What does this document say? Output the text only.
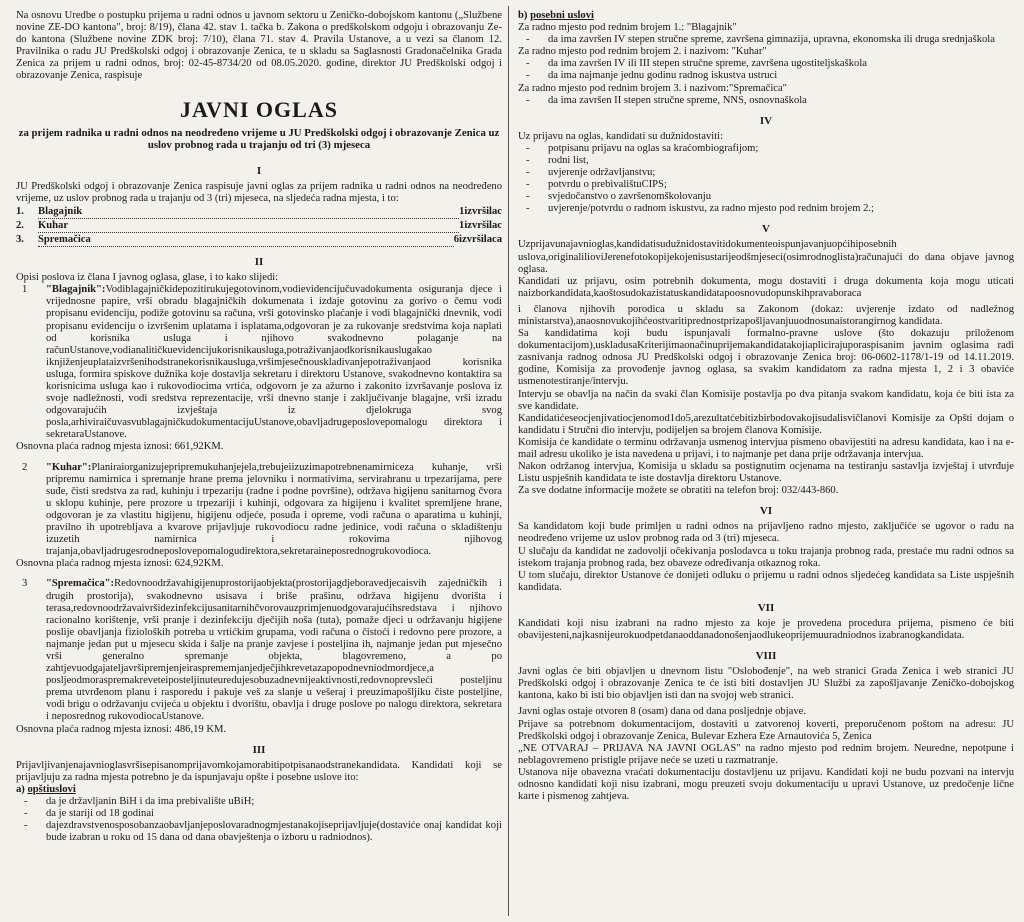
Na osnovu Uredbe o postupku prijema u radni odnos u javnom sektoru u Zeničko-dobojskom kantonu („Službene novine ZE-DO kantona", broj: 8/19), člana 42. stav 1. tačka b. Zakona o predškolskom odgoju i obrazovanju Ze-do kantona (Službene novine ZDK broj: 7/10), člana 71. stav 4. Pravila Ustanove, a u vezi sa članom 12. Pravilnika o radu JU Predškolski odgoj i obrazovanje Zenica, te u skladu sa Saglasnosti Gradonačelnika Grada Zenica za prijem u radni odnos, broj: 02-45-8734/20 od 08.05.2020. godine, direktor JU Predškolski odgoj i obrazovanje Zenica, raspisuje

JAVNI OGLAS
za prijem radnika u radni odnos na neodređeno vrijeme u JU Predškolski odgoj i obrazovanje Zenica uz uslov probnog rada u trajanju od tri (3) mjeseca
I

JU Predškolski odgoj i obrazovanje Zenica raspisuje javni oglas za prijem radnika u radni odnos na neodređeno vrijeme, uz uslov probnog rada u trajanju od 3 (tri) mjeseca, na sljedeća radna mjesta, i to:

1.	Blagajnik	1izvršilac
2.	Kuhar	1izvršilac
3.	Spremačica	6izvršilaca
II

Opisi poslova iz člana I javnog oglasa, glase, i to kako slijedi:

1	"Blagajnik":Vodiblagajničkidepozitirukujegotovinom,vodievidencijučuvadokumenta osiguranja djece i vrijednosne papire, vrši obradu blagajničkih dokumenata i izdaje gotovinu za gorivo o čemu vodi propisanu evidenciju, podiže gotovinu sa računa, vrši gotovinsko plaćanje i vodi blagajnički dnevnik, vodi propisanu evidenciju o izvršenim uplatama i isplatama,odgovoran je za rukovanje sredstvima koja naplati od korisnika usluga i njihovo svakodnevno polaganje na računUstanove,vodianalitičkuevidencijukorisnikausluga,potraživanjaodkorisnikauslugakao iknjiženjeuplataizvršenihodstranekorisnikausluga,vršimjesečnouskladivanjepotraživanjaod korisnika usluga, formira spiskove dužnika koje dostavlja sekretaru i direktoru Ustanove, svakodnevno kontaktira sa korisnicima usluga kao i rukovodiocima vrtića, odgovorn je za ažurno i zakonito izvršavanje poslova iz svoje nadležnosti, vodi sredstva reprezentacije, vrši dnevno stanje i zaključivanje blagajne, vrši izradu odgovarajućih izvještaja iz djelokruga svog posla,arhiviraičuvasvublagajničkudokumentacijuUstanove,obavljadrugeposlovepomalogu direktora i sekretaraUstanove.

Osnovna plaća radnog mjesta iznosi: 661,92KM.

2	"Kuhar":Planiraiorganizujepripremukuhanjejela,trebujeiizuzimapotrebnenamirniceza kuhanje, vrši pripremu namirnica i spremanje hrane prema jelovniku i normativima, servirahranu u trpezarijama, pere suđe, čisti sredstva za rad, kuhinju i trpezariju (radne i podne površine), održava higijenu sanitarnog čvora u sklopu kuhinje, pere prozore u trpezariji i kuhinji, odgovara za higijenu i kvalitet spremljene hrane, odgovoran je za vlastitu higijenu, higijenu odjeće, posuđa i opreme, vodi računa o aparatima u kuhinji, pravilno ih upotrebljava a kvarove prijavljuje rukovodiocu radne jedinice, vodi računa o skladištenju izuzetih namirnica i rokovima njihovog trajanja,obavljadrugesrodneposlovepomalogudirektora,sekretaraineposrednogrukovodioca.

Osnovna plaća radnog mjesta iznosi: 624,92KM.

3	"Spremačica":Redovnoodržavahigijenuprostorijaobjekta(prostorijagdjeboravedjecaisvih zajedničkih i drugih prostorija), svakodnevno usisava i briše prašinu, održava higijenu dvorišta i terasa,redovnoodržavaivršidezinfekcijusanitarnihčvorovauzprimjenuodgovarajućihsredstava i njihovo racionalno korištenje, vrši pranje i dezinfekciju dječijih noša (tuta), pomaže djeci u održavanju higijene poslije obavljanja fizioloških potreba u vrtićkim grupama, vodi računa o čistoći i redovno pere prozore, a najmanje jedan put u mjesecu skida i šalje na pranje zavjese i posteljina ih, najmanje jedan put mjesečno vrši generalno spremanje objekta, blagovremeno, a po zahtjevuodgajateljavršipremjenjeirasprememjanjedječjihkrevetazapopodnevniodmordjece,a posljeodmoraspremakreveteiposteljinuteuredujesobuzadnevnijeaktivnosti,redovnoprevsleći posteljinu prema utvrđenom planu i rasporedu i pakuje veš za slanje u vešeraj i preuzimapošljiku čiste posteljine, vodi brigu o održavanju cvijeća u objektu i dvorištu, obavlja i druge poslove po nalogu direktora, sekretara i neposrednog rukovodiocaUstanove.

Osnovna plaća radnog mjesta iznosi: 486,19 KM.

III

Prijavljivanjenajavnioglasvršisepisanomprijavomkojamorabitipotpisanaodstranekandidata. Kandidati koji se prijavljuju za radna mjesta potrebno je da ispunjavaju opšte i posebne uslove ito:

a) opštiuslovi

-	da je državljanin BiH i da ima prebivalište uBiH;
-	da je stariji od 18 godinai
-	dajezdravstvenosposobanzaobavljanjeposlovaradnogmjestanakojiseprijavljuje(dostaviće onaj kandidat koji bude izabran u roku od 15 dana od dana obavještenja o izboru u radniodnos).

b) posebni uslovi

Za radno mjesto pod rednim brojem 1.: "Blagajnik"

-	da ima završen IV stepen stručne spreme, završena gimnazija, upravna, ekonomska ili druga srednjaškola

Za radno mjesto pod rednim brojem 2. i nazivom: "Kuhar"

-	da ima završen IV ili III stepen stručne spreme, završena ugostiteljskaškola
-	da ima najmanje jednu godinu radnog iskustva ustruci

Za radno mjesto pod rednim brojem 3. i nazivom:"Spremačica"

-	da ima završen II stepen stručne spreme, NNS, osnovnaškola
IV

Uz prijavu na oglas, kandidati su dužnidostaviti:

-	potpisanu prijavu na oglas sa kraćombiografijom;
-	rodni list,
-	uvjerenje održavljanstvu;
-	potvrdu o prebivalištuCIPS;
-	svjedočanstvo o završenomškolovanju
-	uvjerenje/potvrdu o radnom iskustvu, za radno mjesto pod rednim brojem 2.;
V

Uzprijavunajavnioglas,kandidatisudužnidostavitidokumenteoispunjavanjuopćihiposebnih uslova,originalilioviJerenefotokopijekojenisustarijeodšmjeseci(osimrodnoglista)računajući do dana objave javnog oglasa.

Kandidati uz prijavu, osim potrebnih dokumenta, mogu dostaviti i druga dokumenta koja mogu uticati naizborkandidata,kaoštosudokazistatuskandidatapoosnovudopunskihpravaboraca

i članova njihovih porodica u skladu sa Zakonom (dokaz: uvjerenje izdato od nadležnog ministarstva),anaosnovukojihćeostvaritiprednostprizapošljavanjuuodnosunaistorangirnog kandidata.

Sa kandidatima koji budu ispunjavali formalno-pravne uslove (što dokazuju priloženom dokumentacijom),uskladusaKriterijimaonačinuprijemakandidatakojiaplicirajuporaspisanim javnim oglasima radi zasnivanja radnog odnosa JU Predškolski odgoj i obrazovanje Zenica broj: 06-0602-1178/1-19 od 14.11.2019. godine, Komisija za provođenje javnog oglasa, sa svakim kandidatom za radna mjesta 1, 2 i 3 obaviće usmenotestiranje/intervju.

Intervju se obavlja na način da svaki član Komisije postavlja po dva pitanja svakom kandidatu, koja će biti ista za sve kandidate.

Kandidatićeseocjenjivatiocjenomod1do5,arezultatćebitizbirbodovakojisudalisvičlanovi Komisije za Opšti dojam o kandidatu i Stručni dio intervju, podijeljen sa brojem članova Komisije.

Komisija će kandidate o terminu održavanja usmenog intervjua pismeno obavijestiti na adresu kandidata, kao i na e-mail adresu ukoliko je ista navedena u prijavi, i to najmanje pet dana prije održavanja intervjua.

Nakon održanog intervjua, Komisija u skladu sa postignutim ocjenama na testiranju sastavlja izvještaj i utvrđuje Listu uspješnih kandidata te iste dostavlja direktoru Ustanove.

Za sve dodatne informacije možete se obratiti na telefon broj: 032/443-860.

VI

Sa kandidatom koji bude primljen u radni odnos na prijavljeno radno mjesto, zaključiće se ugovor o radu na neodređeno vrijeme uz uslov probnog rada od 3 (tri) mjeseca.

U slučaju da kandidat ne zadovolji očekivanja poslodavca u toku trajanja probnog rada, prestaće mu radni odnos sa istekom trajanja probnog rada, bez obaveze određivanja otkaznog roka.

U tom slučaju, direktor Ustanove će donijeti odluku o prijemu u radni odnos sljedećeg kandidata sa Liste uspješnih kandidata.

VII

Kandidati koji nisu izabrani na radno mjesto za koje je provedena procedura prijema, pismeno će biti obavijesteni,najkasnijeurokuodpetdanaoddanadonošenjaodlukeoprijemuuradniodnos izabranogkandidata.

VIII

Javni oglas će biti objavljen u dnevnom listu "Oslobođenje", na web stranici Grada Zenica i web stranici JU Predškolski odgoj i obrazovanje Zenica te će isti biti dostavljen JU Službi za zapošljavanje Zeničko-dobojskog kantona, kako bi isti bio objavljen isti dan na svojoj web stranici.

Javni oglas ostaje otvoren 8 (osam) dana od dana posljednje objave.

Prijave sa potrebnom dokumentacijom, dostaviti u zatvorenoj koverti, preporučenom poštom na adresu: JU Predškolski odgoj i obrazovanje Zenica, Bulevar Ezhera Eze Arnautovića 5, Zenica

„NE OTVARAJ – PRIJAVA NA JAVNI OGLAS" na radno mjesto pod rednim brojem. Neuredne, nepotpune i neblagovremeno pristigle prijave neće se uzeti u razmatranje.

Ustanova nije obavezna vraćati dokumentaciju dostavljenu uz prijavu. Kandidati koji ne budu pozvani na intervju odnosno kandidati koji nisu izabrani, mogu preuzeti svoju dokumentaciju u upravi Ustanove, uz predočenje lične karte i pismenog zahtjeva.
